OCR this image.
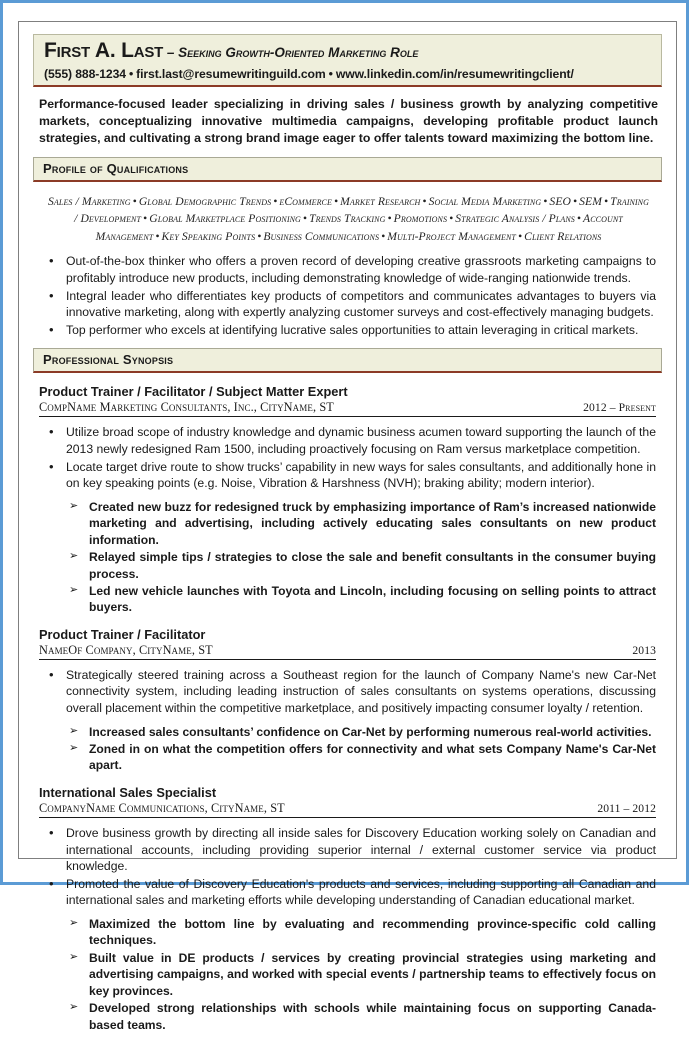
First A. Last – Seeking Growth-Oriented Marketing Role
(555) 888-1234 • first.last@resumewritinguild.com • www.linkedin.com/in/resumewritingclient/
Performance-focused leader specializing in driving sales / business growth by analyzing competitive markets, conceptualizing innovative multimedia campaigns, developing profitable product launch strategies, and cultivating a strong brand image eager to offer talents toward maximizing the bottom line.
Profile of Qualifications
Sales / Marketing • Global Demographic Trends • eCommerce • Market Research • Social Media Marketing • SEO • SEM • Training / Development • Global Marketplace Positioning • Trends Tracking • Promotions • Strategic Analysis / Plans • Account Management • Key Speaking Points • Business Communications • Multi-Project Management • Client Relations
• Out-of-the-box thinker who offers a proven record of developing creative grassroots marketing campaigns to profitably introduce new products, including demonstrating knowledge of wide-ranging nationwide trends.
• Integral leader who differentiates key products of competitors and communicates advantages to buyers via innovative marketing, along with expertly analyzing customer surveys and cost-effectively managing budgets.
• Top performer who excels at identifying lucrative sales opportunities to attain leveraging in critical markets.
Professional Synopsis
Product Trainer / Facilitator / Subject Matter Expert
CompName Marketing Consultants, Inc., CityName, ST	2012 – Present
• Utilize broad scope of industry knowledge and dynamic business acumen toward supporting the launch of the 2013 newly redesigned Ram 1500, including proactively focusing on Ram versus marketplace competition.
• Locate target drive route to show trucks’ capability in new ways for sales consultants, and additionally hone in on key speaking points (e.g. Noise, Vibration & Harshness (NVH); braking ability; modern interior).
➢ Created new buzz for redesigned truck by emphasizing importance of Ram’s increased nationwide marketing and advertising, including actively educating sales consultants on new product information.
➢ Relayed simple tips / strategies to close the sale and benefit consultants in the consumer buying process.
➢ Led new vehicle launches with Toyota and Lincoln, including focusing on selling points to attract buyers.
Product Trainer / Facilitator
NameOf Company, CityName, ST	2013
• Strategically steered training across a Southeast region for the launch of Company Name's new Car-Net connectivity system, including leading instruction of sales consultants on systems operations, discussing overall placement within the competitive marketplace, and positively impacting consumer loyalty / retention.
➢ Increased sales consultants’ confidence on Car-Net by performing numerous real-world activities.
➢ Zoned in on what the competition offers for connectivity and what sets Company Name's Car-Net apart.
International Sales Specialist
CompanyName Communications, CityName, ST	2011 – 2012
• Drove business growth by directing all inside sales for Discovery Education working solely on Canadian and international accounts, including providing superior internal / external customer service via product knowledge.
• Promoted the value of Discovery Education's products and services, including supporting all Canadian and international sales and marketing efforts while developing understanding of Canadian educational market.
➢ Maximized the bottom line by evaluating and recommending province-specific cold calling techniques.
➢ Built value in DE products / services by creating provincial strategies using marketing and advertising campaigns, and worked with special events / partnership teams to effectively focus on key provinces.
➢ Developed strong relationships with schools while maintaining focus on supporting Canada-based teams.
